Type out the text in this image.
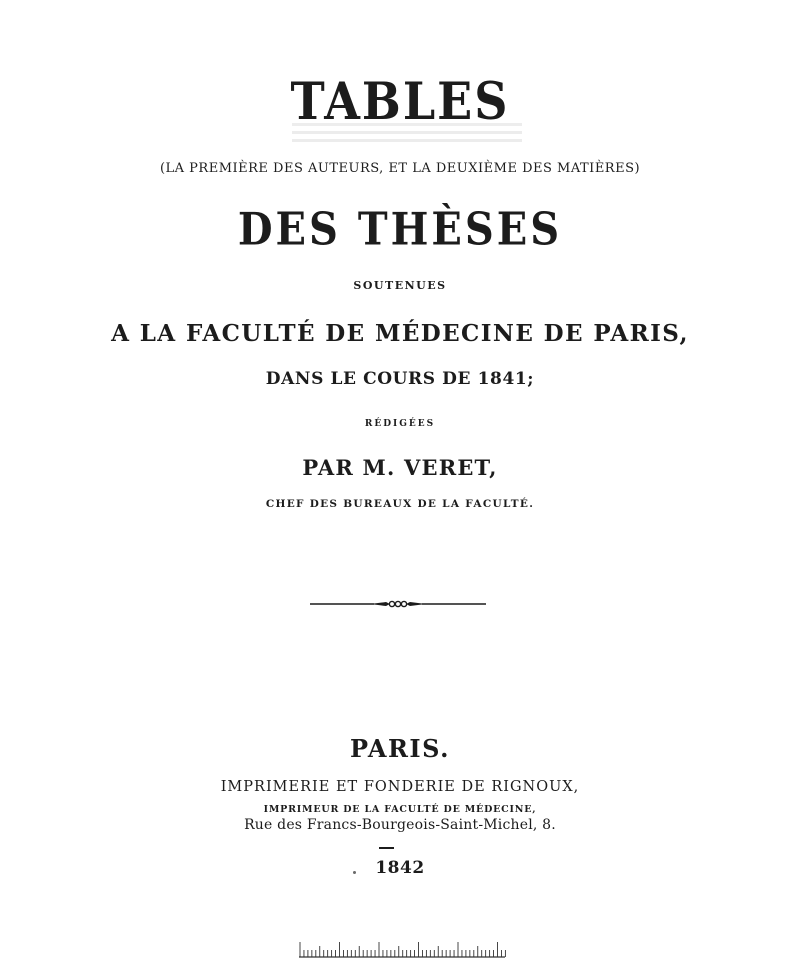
TABLES
(LA PREMIÈRE DES AUTEURS, ET LA DEUXIÈME DES MATIÈRES)
DES THÈSES
SOUTENUES
A LA FACULTÉ DE MÉDECINE DE PARIS,
DANS LE COURS DE 1841;
RÉDIGÉES
PAR M. VERET,
CHEF DES BUREAUX DE LA FACULTÉ.
PARIS.
IMPRIMERIE ET FONDERIE DE RIGNOUX,
IMPRIMEUR DE LA FACULTÉ DE MÉDECINE,
Rue des Francs-Bourgeois-Saint-Michel, 8.
1842
